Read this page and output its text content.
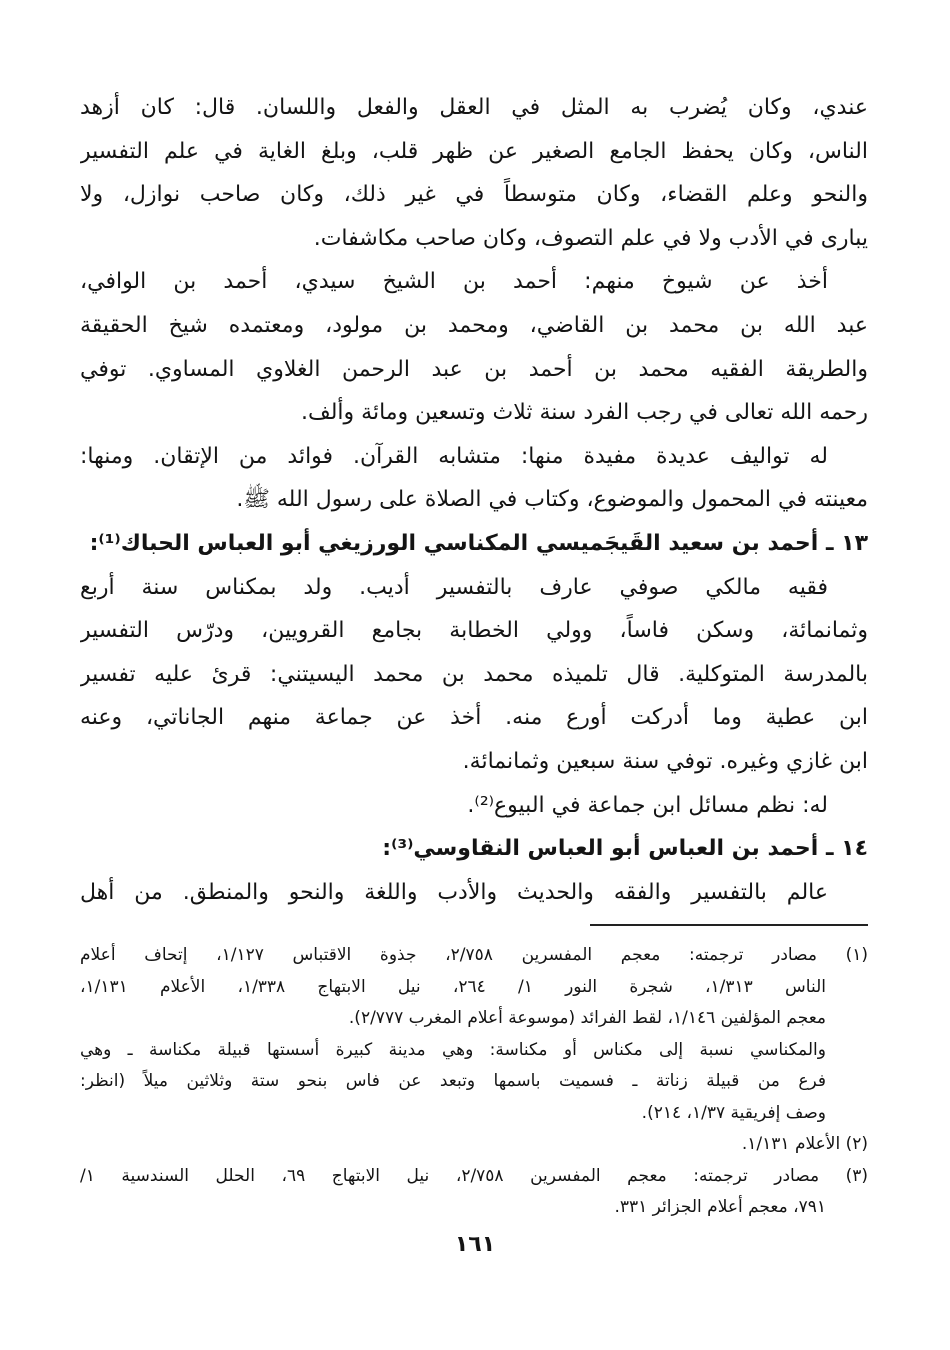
عندي، وكان يُضرب به المثل في العقل والفعل واللسان. قال: كان أزهد
الناس، وكان يحفظ الجامع الصغير عن ظهر قلب، وبلغ الغاية في علم التفسير
والنحو وعلم القضاء، وكان متوسطاً في غير ذلك، وكان صاحب نوازل، ولا
يبارى في الأدب ولا في علم التصوف، وكان صاحب مكاشفات.
أخذ عن شيوخ منهم: أحمد بن الشيخ سيدي، أحمد بن الوافي،
عبد الله بن محمد بن القاضي، ومحمد بن مولود، ومعتمده شيخ الحقيقة
والطريقة الفقيه محمد بن أحمد بن عبد الرحمن الغلاوي المساوي. توفي
رحمه الله تعالى في رجب الفرد سنة ثلاث وتسعين ومائة وألف.
له تواليف عديدة مفيدة منها: متشابه القرآن. فوائد من الإتقان. ومنها:
معينته في المحمول والموضوع، وكتاب في الصلاة على رسول الله ﷺ.
١٣ ـ أحمد بن سعيد القَيجَميسي المكناسي الورزيغي أبو العباس الحباك⁽¹⁾:
فقيه مالكي صوفي عارف بالتفسير أديب. ولد بمكناس سنة أربع
وثمانمائة، وسكن فاساً، وولي الخطابة بجامع القرويين، ودرّس التفسير
بالمدرسة المتوكلية. قال تلميذه محمد بن محمد اليسيتني: قرئ عليه تفسير
ابن عطية وما أدركت أورع منه. أخذ عن جماعة منهم الجاناتي، وعنه
ابن غازي وغيره. توفي سنة سبعين وثمانمائة.
له: نظم مسائل ابن جماعة في البيوع⁽²⁾.
١٤ ـ أحمد بن العباس أبو العباس النقاوسي⁽³⁾:
عالم بالتفسير والفقه والحديث والأدب واللغة والنحو والمنطق. من أهل
(١) مصادر ترجمته: معجم المفسرين ٢/٧٥٨، جذوة الاقتباس ١/١٢٧، إتحاف أعلام
الناس ١/٣١٣، شجرة النور ١/ ٢٦٤، نيل الابتهاج ١/٣٣٨، الأعلام ١/١٣١،
معجم المؤلفين ١/١٤٦، لقط الفرائد (موسوعة أعلام المغرب ٢/٧٧٧).
والمكناسي نسبة إلى مكناس أو مكناسة: وهي مدينة كبيرة أسستها قبيلة مكناسة ـ وهي
فرع من قبيلة زناتة ـ فسميت باسمها وتبعد عن فاس بنحو ستة وثلاثين ميلاً (انظر:
وصف إفريقية ١/٣٧، ٢١٤).
(٢) الأعلام ١/١٣١.
(٣) مصادر ترجمته: معجم المفسرين ٢/٧٥٨، نيل الابتهاج ٦٩، الحلل السندسية ١/
٧٩١، معجم أعلام الجزائر ٣٣١.
١٦١
